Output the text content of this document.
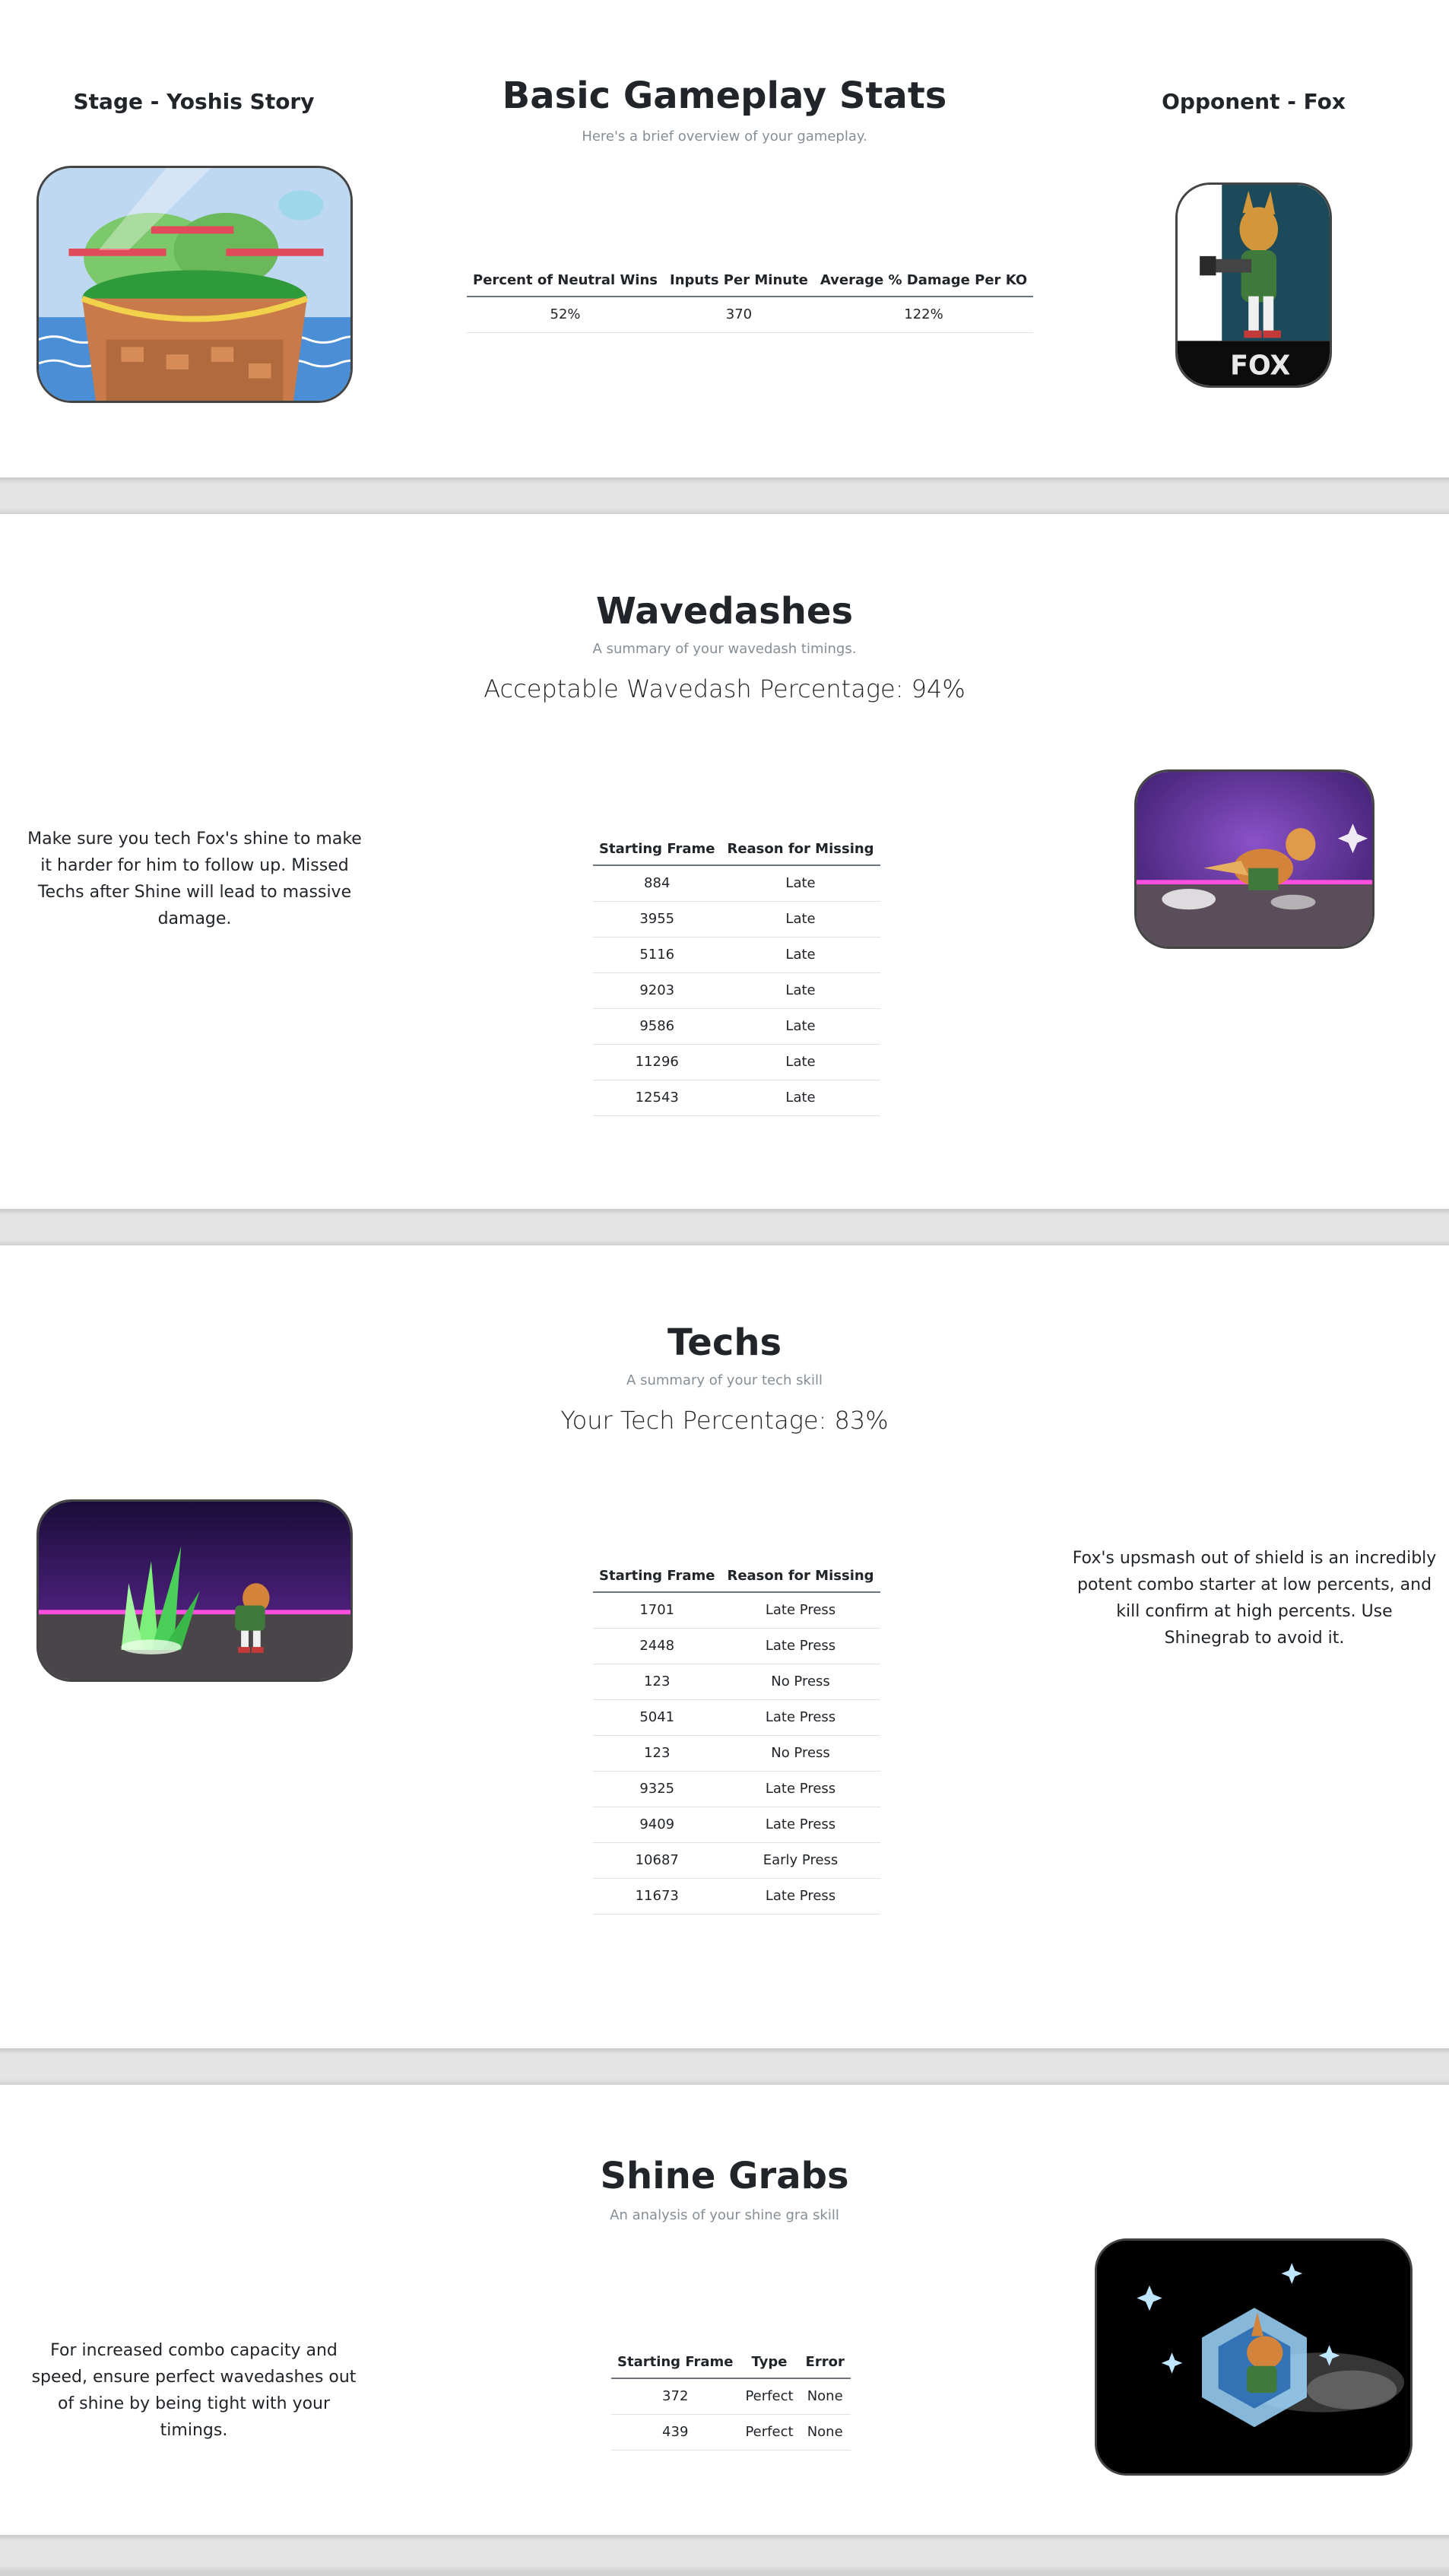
Stage - Yoshis Story	Basic Gameplay Stats
Here's a brief overview of your gameplay.
Percent of Neutral Wins	Inputs Per Minute	Average % Damage Per KO
52%	370	122%
Opponent - Fox
FOX
Wavedashes
A summary of your wavedash timings.
Acceptable Wavedash Percentage: 94%
Make sure you tech Fox's shine to make it harder for him to follow up. Missed Techs after Shine will lead to massive damage.
Starting Frame	Reason for Missing
884	Late
3955	Late
5116	Late
9203	Late
9586	Late
11296	Late
12543	Late
Techs
A summary of your tech skill
Your Tech Percentage: 83%
Starting Frame	Reason for Missing
1701	Late Press
2448	Late Press
123	No Press
5041	Late Press
123	No Press
9325	Late Press
9409	Late Press
10687	Early Press
11673	Late Press
Fox's upsmash out of shield is an incredibly potent combo starter at low percents, and kill confirm at high percents. Use Shinegrab to avoid it.
Shine Grabs
An analysis of your shine gra skill
For increased combo capacity and speed, ensure perfect wavedashes out of shine by being tight with your timings.
Starting Frame	Type	Error
372	Perfect	None
439	Perfect	None
